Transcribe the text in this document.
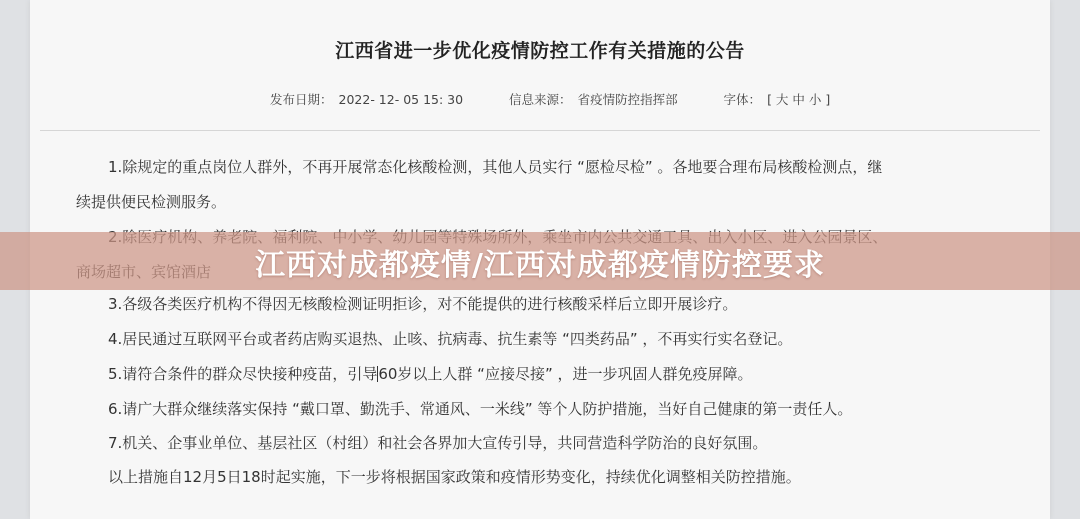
江西省进一步优化疫情防控工作有关措施的公告
发布日期： 2022- 12- 05 15: 30	信息来源： 省疫情防控指挥部	字体： [ 大 中 小 ]
1.除规定的重点岗位人群外，不再开展常态化核酸检测，其他人员实行 “愿检尽检” 。各地要合理布局核酸检测点，继
续提供便民检测服务。
3.各级各类医疗机构不得因无核酸检测证明拒诊，对不能提供的进行核酸采样后立即开展诊疗。
4.居民通过互联网平台或者药店购买退热、止咳、抗病毒、抗生素等 “四类药品” ，不再实行实名登记。
5.请符合条件的群众尽快接种疫苗，引导60岁以上人群 “应接尽接” ，进一步巩固人群免疫屏障。
6.请广大群众继续落实保持 “戴口罩、勤洗手、常通风、一米线” 等个人防护措施，当好自己健康的第一责任人。
7.机关、企事业单位、基层社区（村组）和社会各界加大宣传引导，共同营造科学防治的良好氛围。
以上措施自12月5日18时起实施，下一步将根据国家政策和疫情形势变化，持续优化调整相关防控措施。
江西对成都疫情/江西对成都疫情防控要求
